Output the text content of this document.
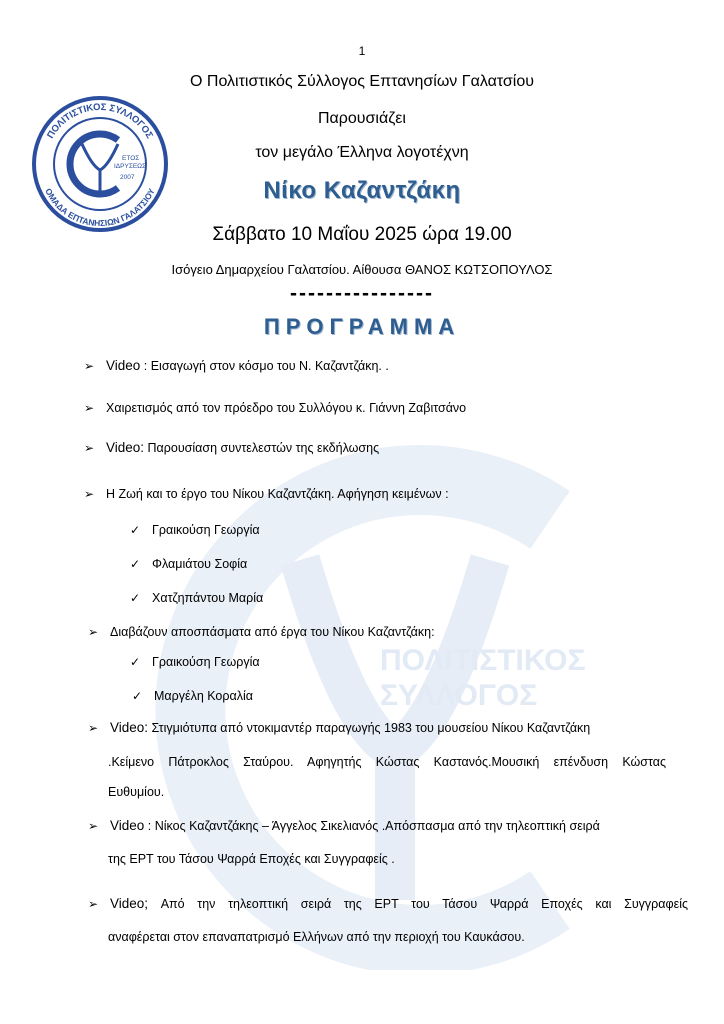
ΠΟΛΙΤΙΣΤΙΚΟΣ
ΣΥΛΛΟΓΟΣ
ΠΟΛΙΤΙΣΤΙΚΟΣ ΣΥΛΛΟΓΟΣ
ΟΜΑΔΑ ΕΠΤΑΝΗΣΙΩΝ ΓΑΛΑΤΣΙΟΥ
ΕΤΟΣ
ΙΔΡΥΣΕΩΣ
2007
1
Ο Πολιτιστικός Σύλλογος Επτανησίων Γαλατσίου
Παρουσιάζει
τον μεγάλο Έλληνα λογοτέχνη
Νίκο Καζαντζάκη
Σάββατο 10 Μαΐου 2025 ώρα 19.00
Ισόγειο Δημαρχείου Γαλατσίου. Αίθουσα ΘΑΝΟΣ ΚΩΤΣΟΠΟΥΛΟΣ
----------------
ΠΡΟΓΡΑΜΜΑ
➢ Video : Εισαγωγή στον κόσμο του Ν. Καζαντζάκη. .
➢ Χαιρετισμός από τον πρόεδρο του Συλλόγου κ. Γιάννη Ζαβιτσάνο
➢ Video: Παρουσίαση συντελεστών της εκδήλωσης
➢ Η Ζωή και το έργο του Νίκου Καζαντζάκη. Αφήγηση κειμένων :
✓ Γραικούση Γεωργία
✓ Φλαμιάτου Σοφία
✓ Χατζηπάντου Μαρία
➢ Διαβάζουν αποσπάσματα από έργα του Νίκου Καζαντζάκη:
✓ Γραικούση Γεωργία
✓ Μαργέλη Κοραλία
➢ Video: Στιγμιότυπα από ντοκιμαντέρ παραγωγής 1983 του μουσείου Νίκου Καζαντζάκη
.Κείμενο Πάτροκλος Σταύρου. Αφηγητής Κώστας Καστανός.Μουσική επένδυση Κώστας
Ευθυμίου.
➢ Video : Νίκος Καζαντζάκης – Άγγελος Σικελιανός .Απόσπασμα από την τηλεοπτική σειρά
της ΕΡΤ του Τάσου Ψαρρά Εποχές και Συγγραφείς .
➢ Video; Από την τηλεοπτική σειρά της ΕΡΤ του Τάσου Ψαρρά Εποχές και Συγγραφείς
αναφέρεται στον επαναπατρισμό Ελλήνων από την περιοχή του Καυκάσου.
